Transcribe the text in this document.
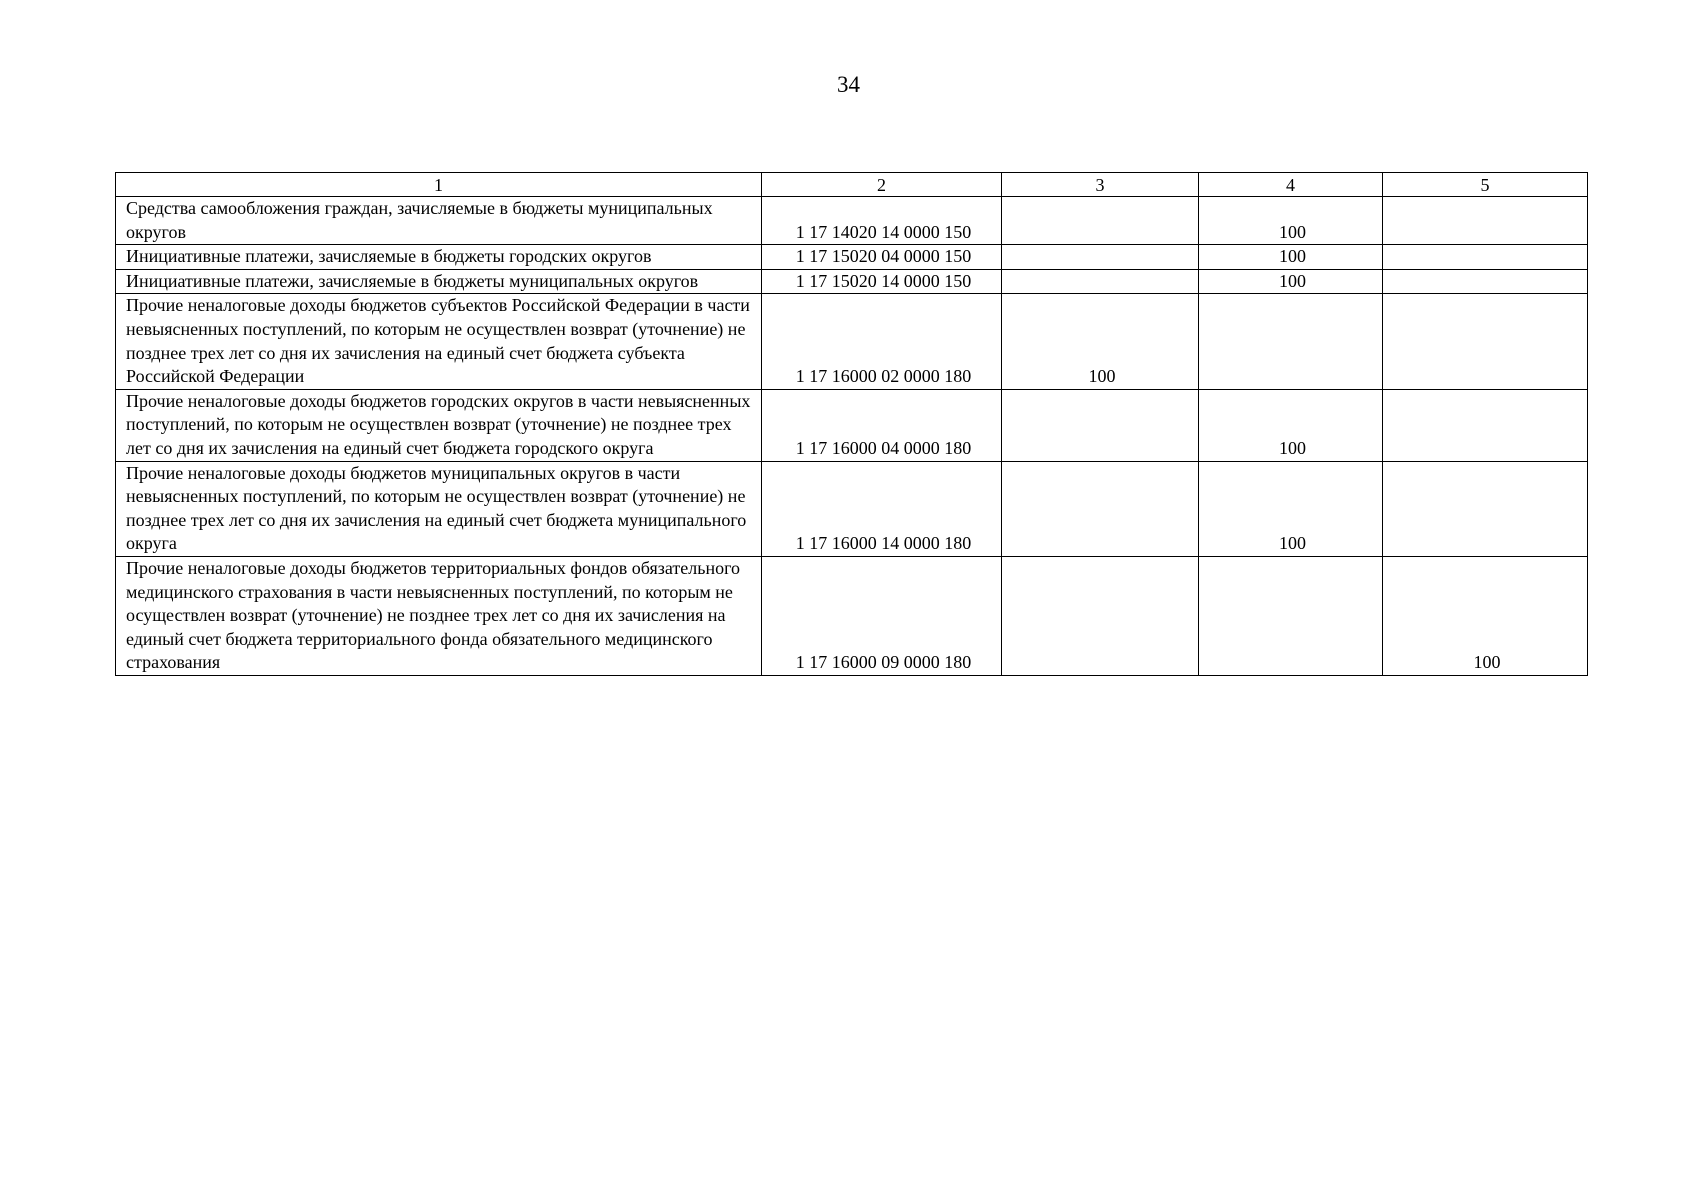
34
1	2	3	4	5
Средства самообложения граждан, зачисляемые в бюджеты муниципальных округов	1 17 14020 14 0000 150		100	
Инициативные платежи, зачисляемые в бюджеты городских округов	1 17 15020 04 0000 150		100	
Инициативные платежи, зачисляемые в бюджеты муниципальных округов	1 17 15020 14 0000 150		100	
Прочие неналоговые доходы бюджетов субъектов Российской Федерации в части невыясненных поступлений, по которым не осуществлен возврат (уточнение) не позднее трех лет со дня их зачисления на единый счет бюджета субъекта Российской Федерации	1 17 16000 02 0000 180	100		
Прочие неналоговые доходы бюджетов городских округов в части невыясненных поступлений, по которым не осуществлен возврат (уточнение) не позднее трех лет со дня их зачисления на единый счет бюджета городского округа	1 17 16000 04 0000 180		100	
Прочие неналоговые доходы бюджетов муниципальных округов в части невыясненных поступлений, по которым не осуществлен возврат (уточнение) не позднее трех лет со дня их зачисления на единый счет бюджета муниципального округа	1 17 16000 14 0000 180		100	
Прочие неналоговые доходы бюджетов территориальных фондов обязательного медицинского страхования в части невыясненных поступлений, по которым не осуществлен возврат (уточнение) не позднее трех лет со дня их зачисления на единый счет бюджета территориального фонда обязательного медицинского страхования	1 17 16000 09 0000 180			100
